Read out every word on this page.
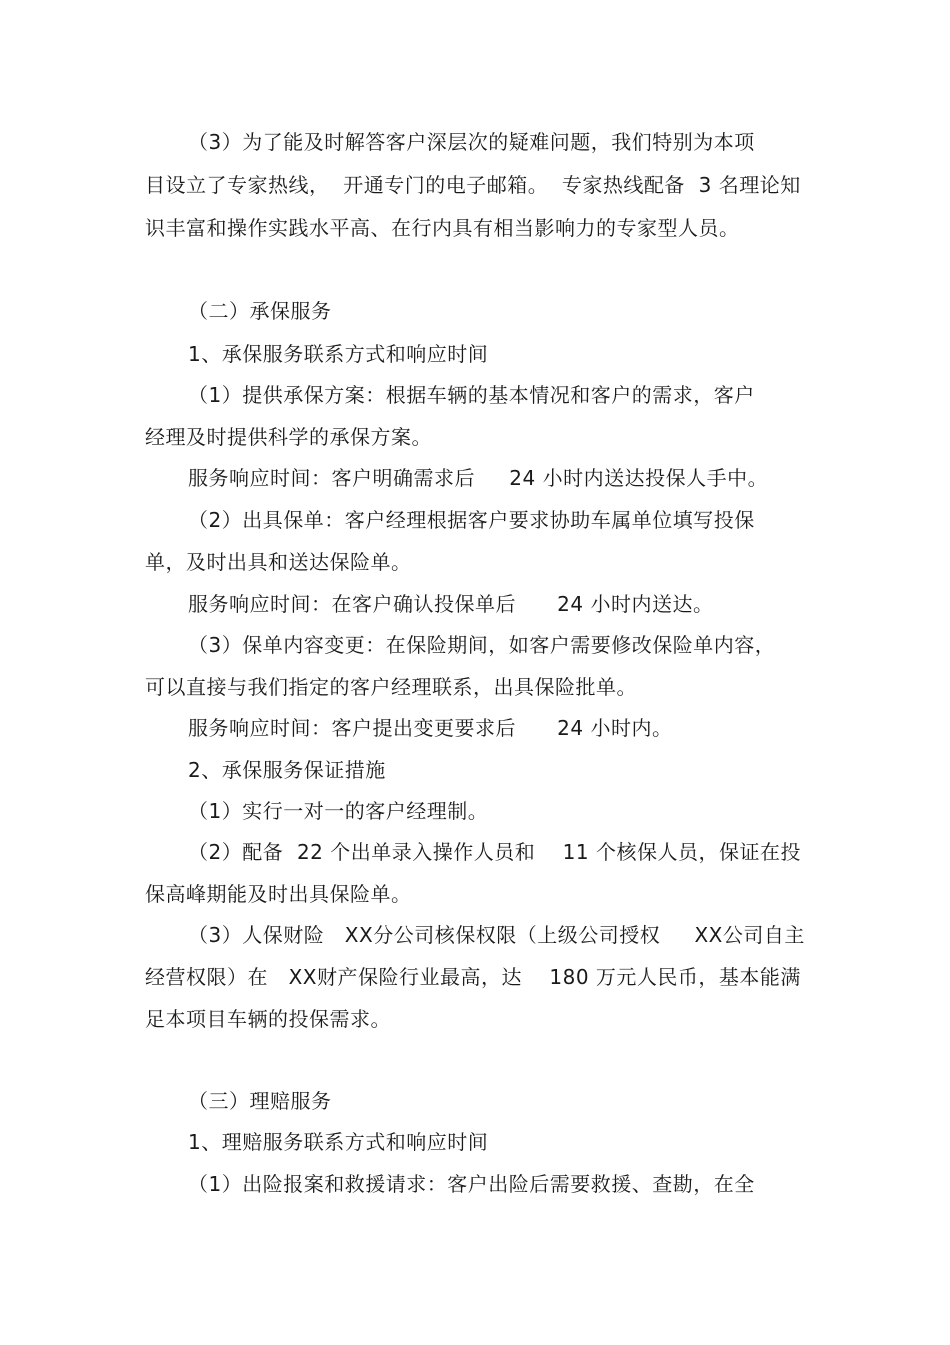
（3）为了能及时解答客户深层次的疑难问题，我们特别为本项
目设立了专家热线，  开通专门的电子邮箱。  专家热线配备  3 名理论知
识丰富和操作实践水平高、在行内具有相当影响力的专家型人员。
（二）承保服务
1、承保服务联系方式和响应时间
（1）提供承保方案：根据车辆的基本情况和客户的需求，客户
经理及时提供科学的承保方案。
服务响应时间：客户明确需求后     24 小时内送达投保人手中。
（2）出具保单：客户经理根据客户要求协助车属单位填写投保
单，及时出具和送达保险单。
服务响应时间：在客户确认投保单后      24 小时内送达。
（3）保单内容变更：在保险期间，如客户需要修改保险单内容，
可以直接与我们指定的客户经理联系，出具保险批单。
服务响应时间：客户提出变更要求后      24 小时内。
2、承保服务保证措施
（1）实行一对一的客户经理制。
（2）配备  22 个出单录入操作人员和    11 个核保人员，保证在投
保高峰期能及时出具保险单。
（3）人保财险   XX分公司核保权限（上级公司授权     XX公司自主
经营权限）在   XX财产保险行业最高，达    180 万元人民币，基本能满
足本项目车辆的投保需求。
（三）理赔服务
1、理赔服务联系方式和响应时间
（1）出险报案和救援请求：客户出险后需要救援、查勘，在全
